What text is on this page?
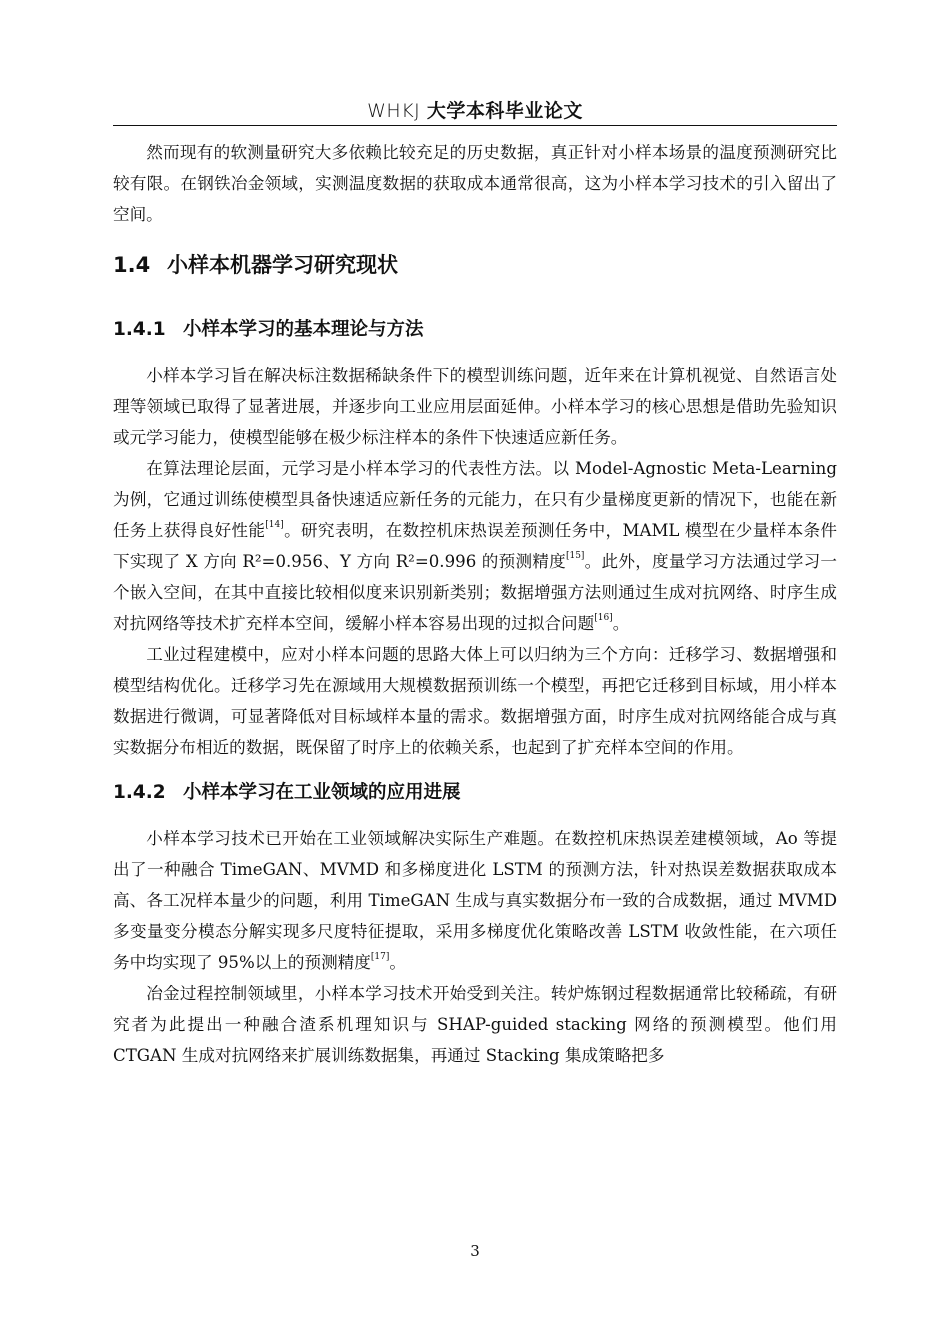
WHKJ 大学本科毕业论文

然而现有的软测量研究大多依赖比较充足的历史数据，真正针对小样本场景的温度预测研究比较有限。在钢铁冶金领域，实测温度数据的获取成本通常很高，这为小样本学习技术的引入留出了空间。

1.4 小样本机器学习研究现状
1.4.1 小样本学习的基本理论与方法

小样本学习旨在解决标注数据稀缺条件下的模型训练问题，近年来在计算机视觉、自然语言处理等领域已取得了显著进展，并逐步向工业应用层面延伸。小样本学习的核心思想是借助先验知识或元学习能力，使模型能够在极少标注样本的条件下快速适应新任务。

在算法理论层面，元学习是小样本学习的代表性方法。以 Model-Agnostic Meta-Learning 为例，它通过训练使模型具备快速适应新任务的元能力，在只有少量梯度更新的情况下，也能在新任务上获得良好性能[14]。研究表明，在数控机床热误差预测任务中，MAML 模型在少量样本条件下实现了 X 方向 R²=0.956、Y 方向 R²=0.996 的预测精度[15]。此外，度量学习方法通过学习一个嵌入空间，在其中直接比较相似度来识别新类别；数据增强方法则通过生成对抗网络、时序生成对抗网络等技术扩充样本空间，缓解小样本容易出现的过拟合问题[16]。

工业过程建模中，应对小样本问题的思路大体上可以归纳为三个方向：迁移学习、数据增强和模型结构优化。迁移学习先在源域用大规模数据预训练一个模型，再把它迁移到目标域，用小样本数据进行微调，可显著降低对目标域样本量的需求。数据增强方面，时序生成对抗网络能合成与真实数据分布相近的数据，既保留了时序上的依赖关系，也起到了扩充样本空间的作用。

1.4.2 小样本学习在工业领域的应用进展

小样本学习技术已开始在工业领域解决实际生产难题。在数控机床热误差建模领域，Ao 等提出了一种融合 TimeGAN、MVMD 和多梯度进化 LSTM 的预测方法，针对热误差数据获取成本高、各工况样本量少的问题，利用 TimeGAN 生成与真实数据分布一致的合成数据，通过 MVMD 多变量变分模态分解实现多尺度特征提取，采用多梯度优化策略改善 LSTM 收敛性能，在六项任务中均实现了 95%以上的预测精度[17]。

冶金过程控制领域里，小样本学习技术开始受到关注。转炉炼钢过程数据通常比较稀疏，有研究者为此提出一种融合渣系机理知识与 SHAP-guided stacking 网络的预测模型。他们用 CTGAN 生成对抗网络来扩展训练数据集，再通过 Stacking 集成策略把多

3
